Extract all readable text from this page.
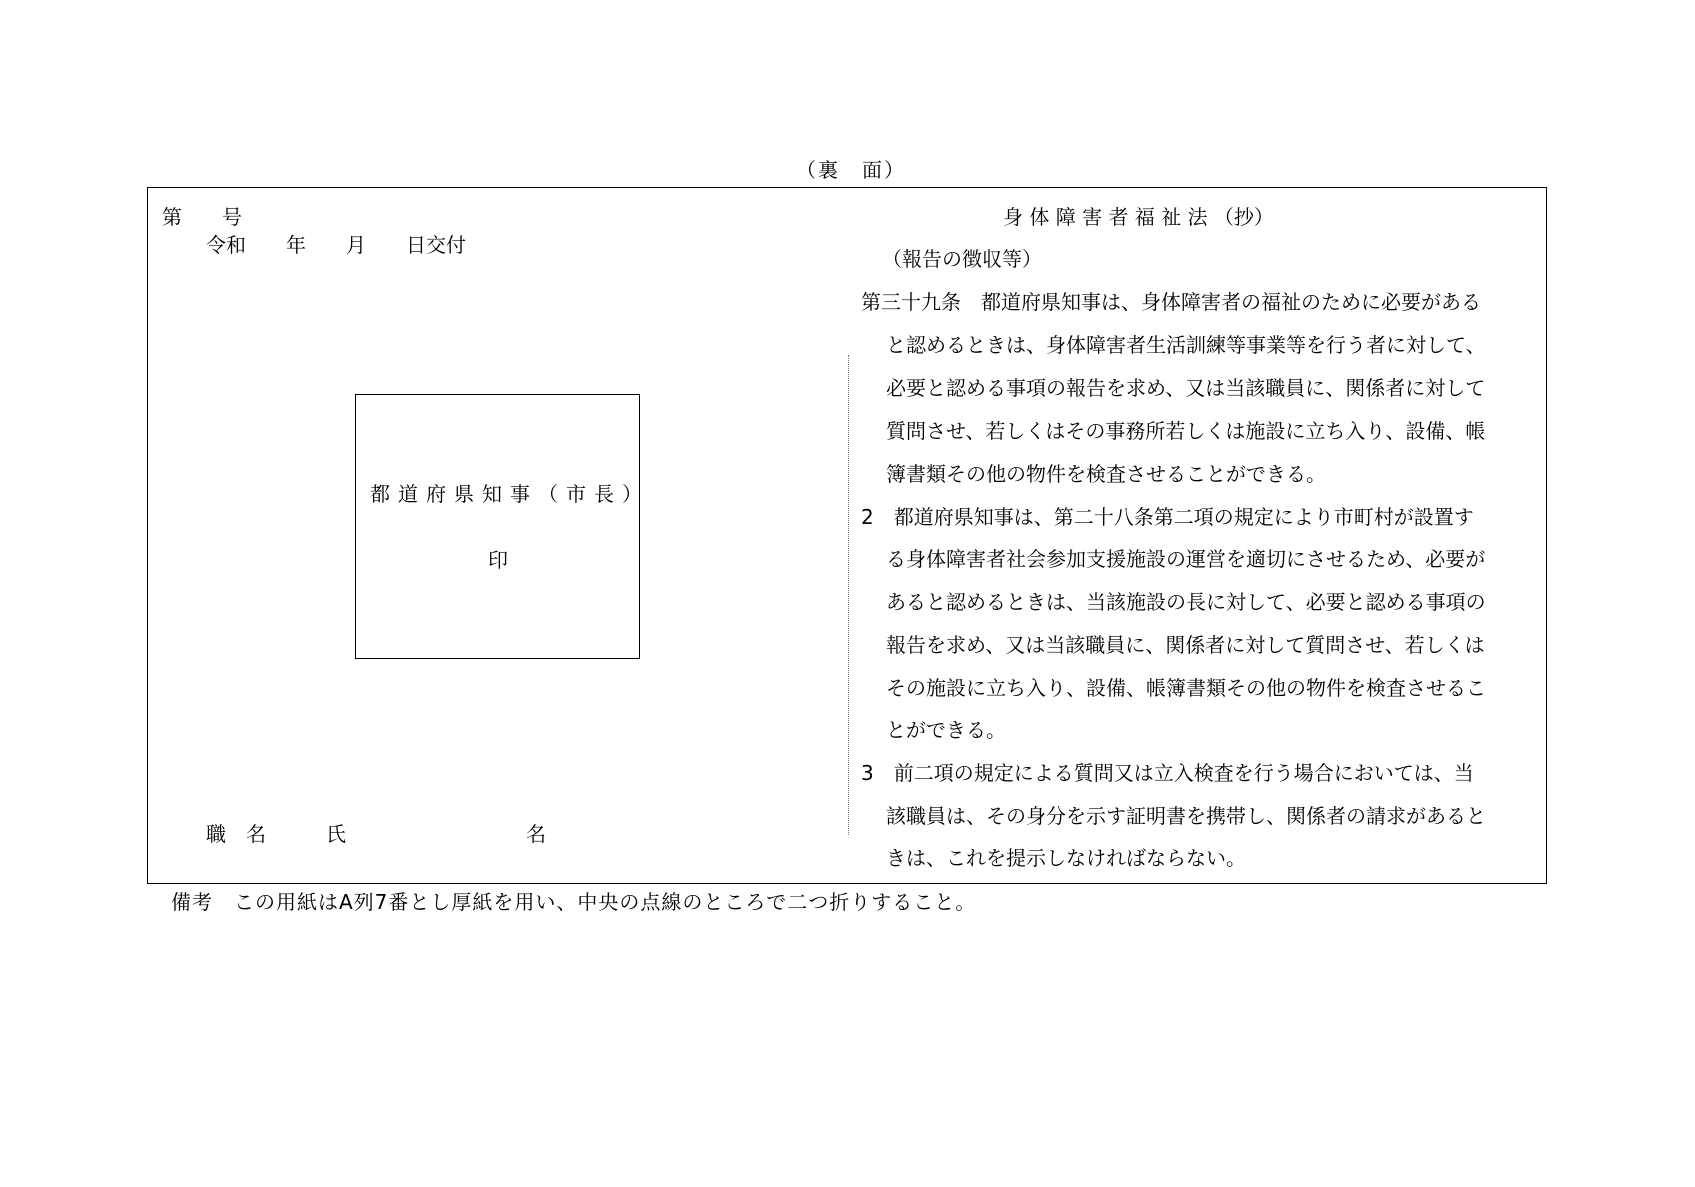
（裏　面）
第　　号
令和　　年　　月　　日交付
都道府県知事（市長）
印
職　名　　　氏　　　　　　　　　名
身 体 障 害 者 福 祉 法 （抄）
（報告の徴収等）
第三十九条　都道府県知事は、身体障害者の福祉のために必要がある
と認めるときは、身体障害者生活訓練等事業等を行う者に対して、
必要と認める事項の報告を求め、又は当該職員に、関係者に対して
質問させ、若しくはその事務所若しくは施設に立ち入り、設備、帳
簿書類その他の物件を検査させることができる。
2　都道府県知事は、第二十八条第二項の規定により市町村が設置す
る身体障害者社会参加支援施設の運営を適切にさせるため、必要が
あると認めるときは、当該施設の長に対して、必要と認める事項の
報告を求め、又は当該職員に、関係者に対して質問させ、若しくは
その施設に立ち入り、設備、帳簿書類その他の物件を検査させるこ
とができる。
3　前二項の規定による質問又は立入検査を行う場合においては、当
該職員は、その身分を示す証明書を携帯し、関係者の請求があると
きは、これを提示しなければならない。
備考　この用紙はA列7番とし厚紙を用い、中央の点線のところで二つ折りすること。
